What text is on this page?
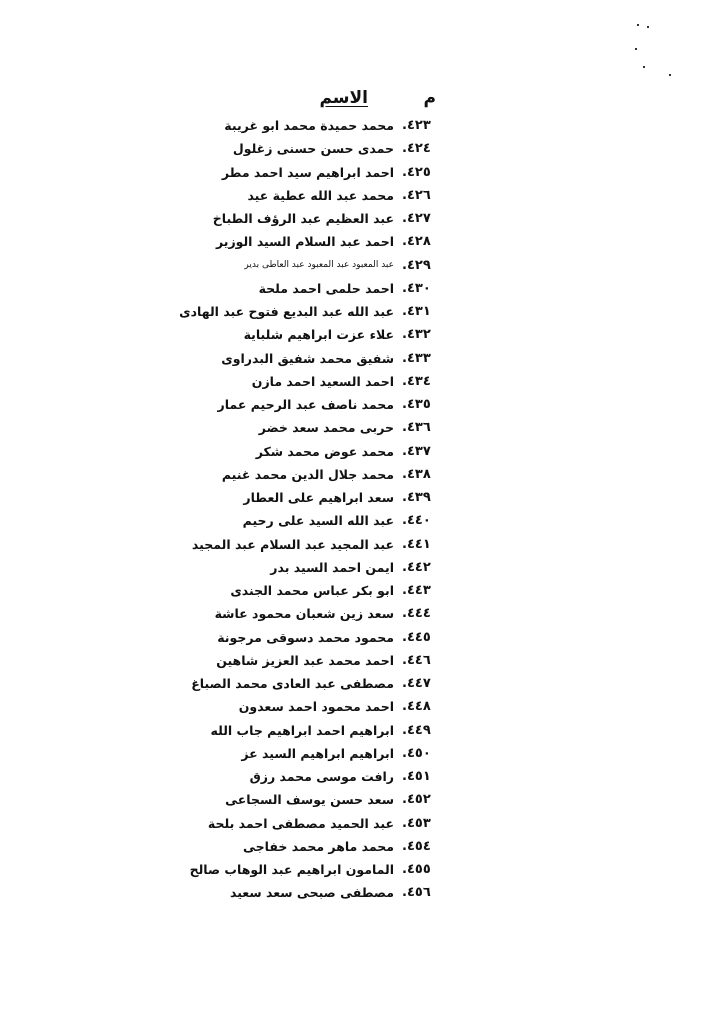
م
الاسم
.٤٢٣
محمد حميدة محمد ابو غريبة
.٤٢٤
حمدى حسن حسنى زغلول
.٤٢٥
احمد ابراهيم سيد احمد مطر
.٤٢٦
محمد عبد الله عطية عيد
.٤٢٧
عبد العظيم عبد الرؤف الطباخ
.٤٢٨
احمد عبد السلام السيد الوزير
.٤٢٩
عبد المعبود عبد المعبود عبد العاطى بدير
.٤٣٠
احمد حلمى احمد ملحة
.٤٣١
عبد الله عبد البديع فتوح عبد الهادى
.٤٣٢
علاء عزت ابراهيم شلباية
.٤٣٣
شفيق محمد شفيق البدراوى
.٤٣٤
احمد السعيد احمد مازن
.٤٣٥
محمد ناصف عبد الرحيم عمار
.٤٣٦
حربى محمد سعد خضر
.٤٣٧
محمد عوض محمد شكر
.٤٣٨
محمد جلال الدين محمد غنيم
.٤٣٩
سعد ابراهيم على العطار
.٤٤٠
عبد الله السيد على رحيم
.٤٤١
عبد المجيد عبد السلام عبد المجيد
.٤٤٢
ايمن احمد السيد بدر
.٤٤٣
ابو بكر عباس محمد الجندى
.٤٤٤
سعد زين شعبان محمود عاشة
.٤٤٥
محمود محمد دسوقى مرجونة
.٤٤٦
احمد محمد عبد العزيز شاهين
.٤٤٧
مصطفى عبد العادى محمد الصباغ
.٤٤٨
احمد محمود احمد سعدون
.٤٤٩
ابراهيم احمد ابراهيم جاب الله
.٤٥٠
ابراهيم ابراهيم السيد عز
.٤٥١
رافت موسى محمد رزق
.٤٥٢
سعد حسن يوسف السجاعى
.٤٥٣
عبد الحميد مصطفى احمد بلحة
.٤٥٤
محمد ماهر محمد خفاجى
.٤٥٥
المامون ابراهيم عبد الوهاب صالح
.٤٥٦
مصطفى صبحى سعد سعيد
